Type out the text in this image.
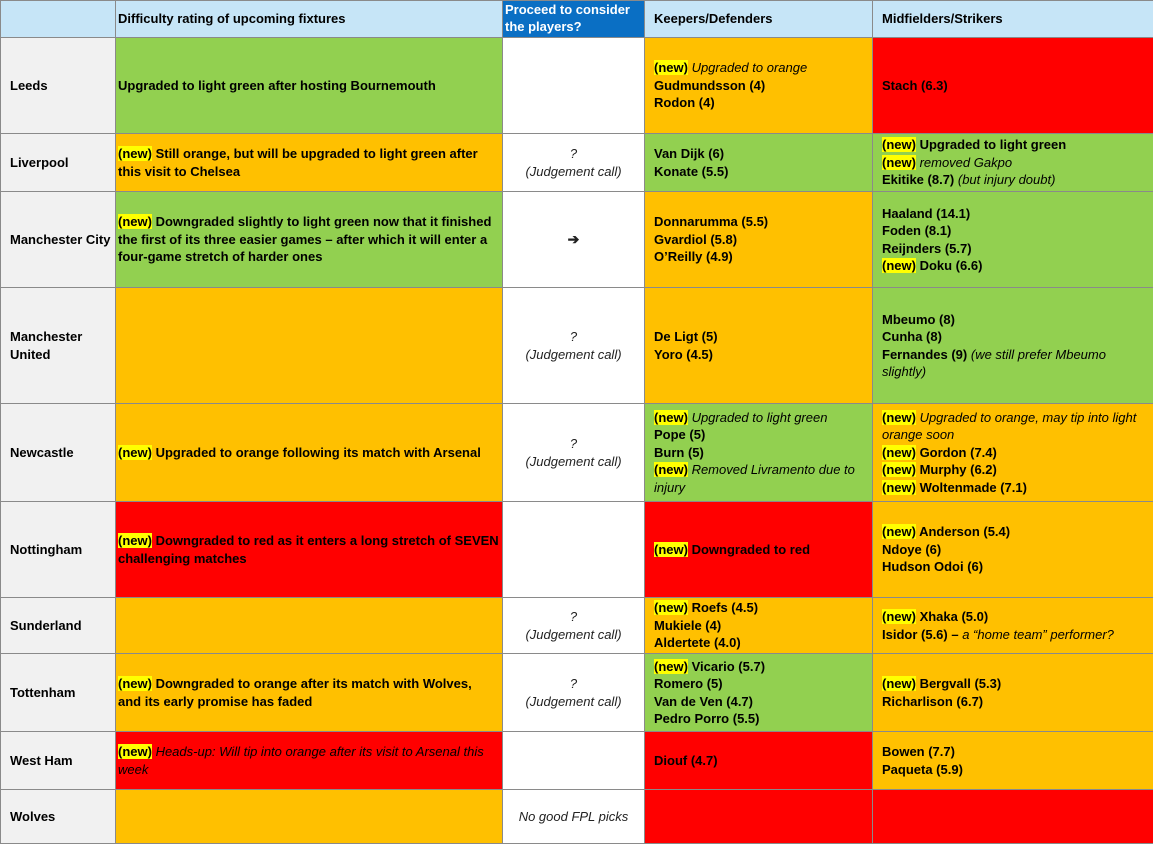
	Difficulty rating of upcoming fixtures	Proceed to consider the players?	Keepers/Defenders	Midfielders/Strikers
Leeds	Upgraded to light green after hosting Bournemouth		(new) Upgraded to orange
Gudmundsson (4)
Rodon (4)	Stach (6.3)

Liverpool	(new) Still orange, but will be upgraded to light green after
this visit to Chelsea	?
(Judgement call)	Van Dijk (6)
Konate (5.5)	(new) Upgraded to light green
(new) removed Gakpo
Ekitike (8.7) (but injury doubt)

Manchester City	(new) Downgraded slightly to light green now that it finished
the first of its three easier games – after which it will enter a
four-game stretch of harder ones	➔	Donnarumma (5.5)
Gvardiol (5.8)
O’Reilly (4.9)	Haaland (14.1)
Foden (8.1)
Reijnders (5.7)
(new) Doku (6.6)

Manchester United		?
(Judgement call)	De Ligt (5)
Yoro (4.5)	Mbeumo (8)
Cunha (8)
Fernandes (9) (we still prefer Mbeumo
slightly)

Newcastle	(new) Upgraded to orange following its match with Arsenal	?
(Judgement call)	(new) Upgraded to light green
Pope (5)
Burn (5)
(new) Removed Livramento due to
injury	(new) Upgraded to orange, may tip into light
orange soon
(new) Gordon (7.4)
(new) Murphy (6.2)
(new) Woltenmade (7.1)

Nottingham	(new) Downgraded to red as it enters a long stretch of SEVEN
challenging matches		(new) Downgraded to red	(new) Anderson (5.4)
Ndoye (6)
Hudson Odoi (6)

Sunderland		?
(Judgement call)	(new) Roefs (4.5)
Mukiele (4)
Aldertete (4.0)	(new) Xhaka (5.0)
Isidor (5.6) – a “home team” performer?

Tottenham	(new) Downgraded to orange after its match with Wolves,
and its early promise has faded	?
(Judgement call)	(new) Vicario (5.7)
Romero (5)
Van de Ven (4.7)
Pedro Porro (5.5)	(new) Bergvall (5.3)
Richarlison (6.7)

West Ham	(new) Heads-up: Will tip into orange after its visit to Arsenal this
week		Diouf (4.7)	Bowen (7.7)
Paqueta (5.9)

Wolves		No good FPL picks		
